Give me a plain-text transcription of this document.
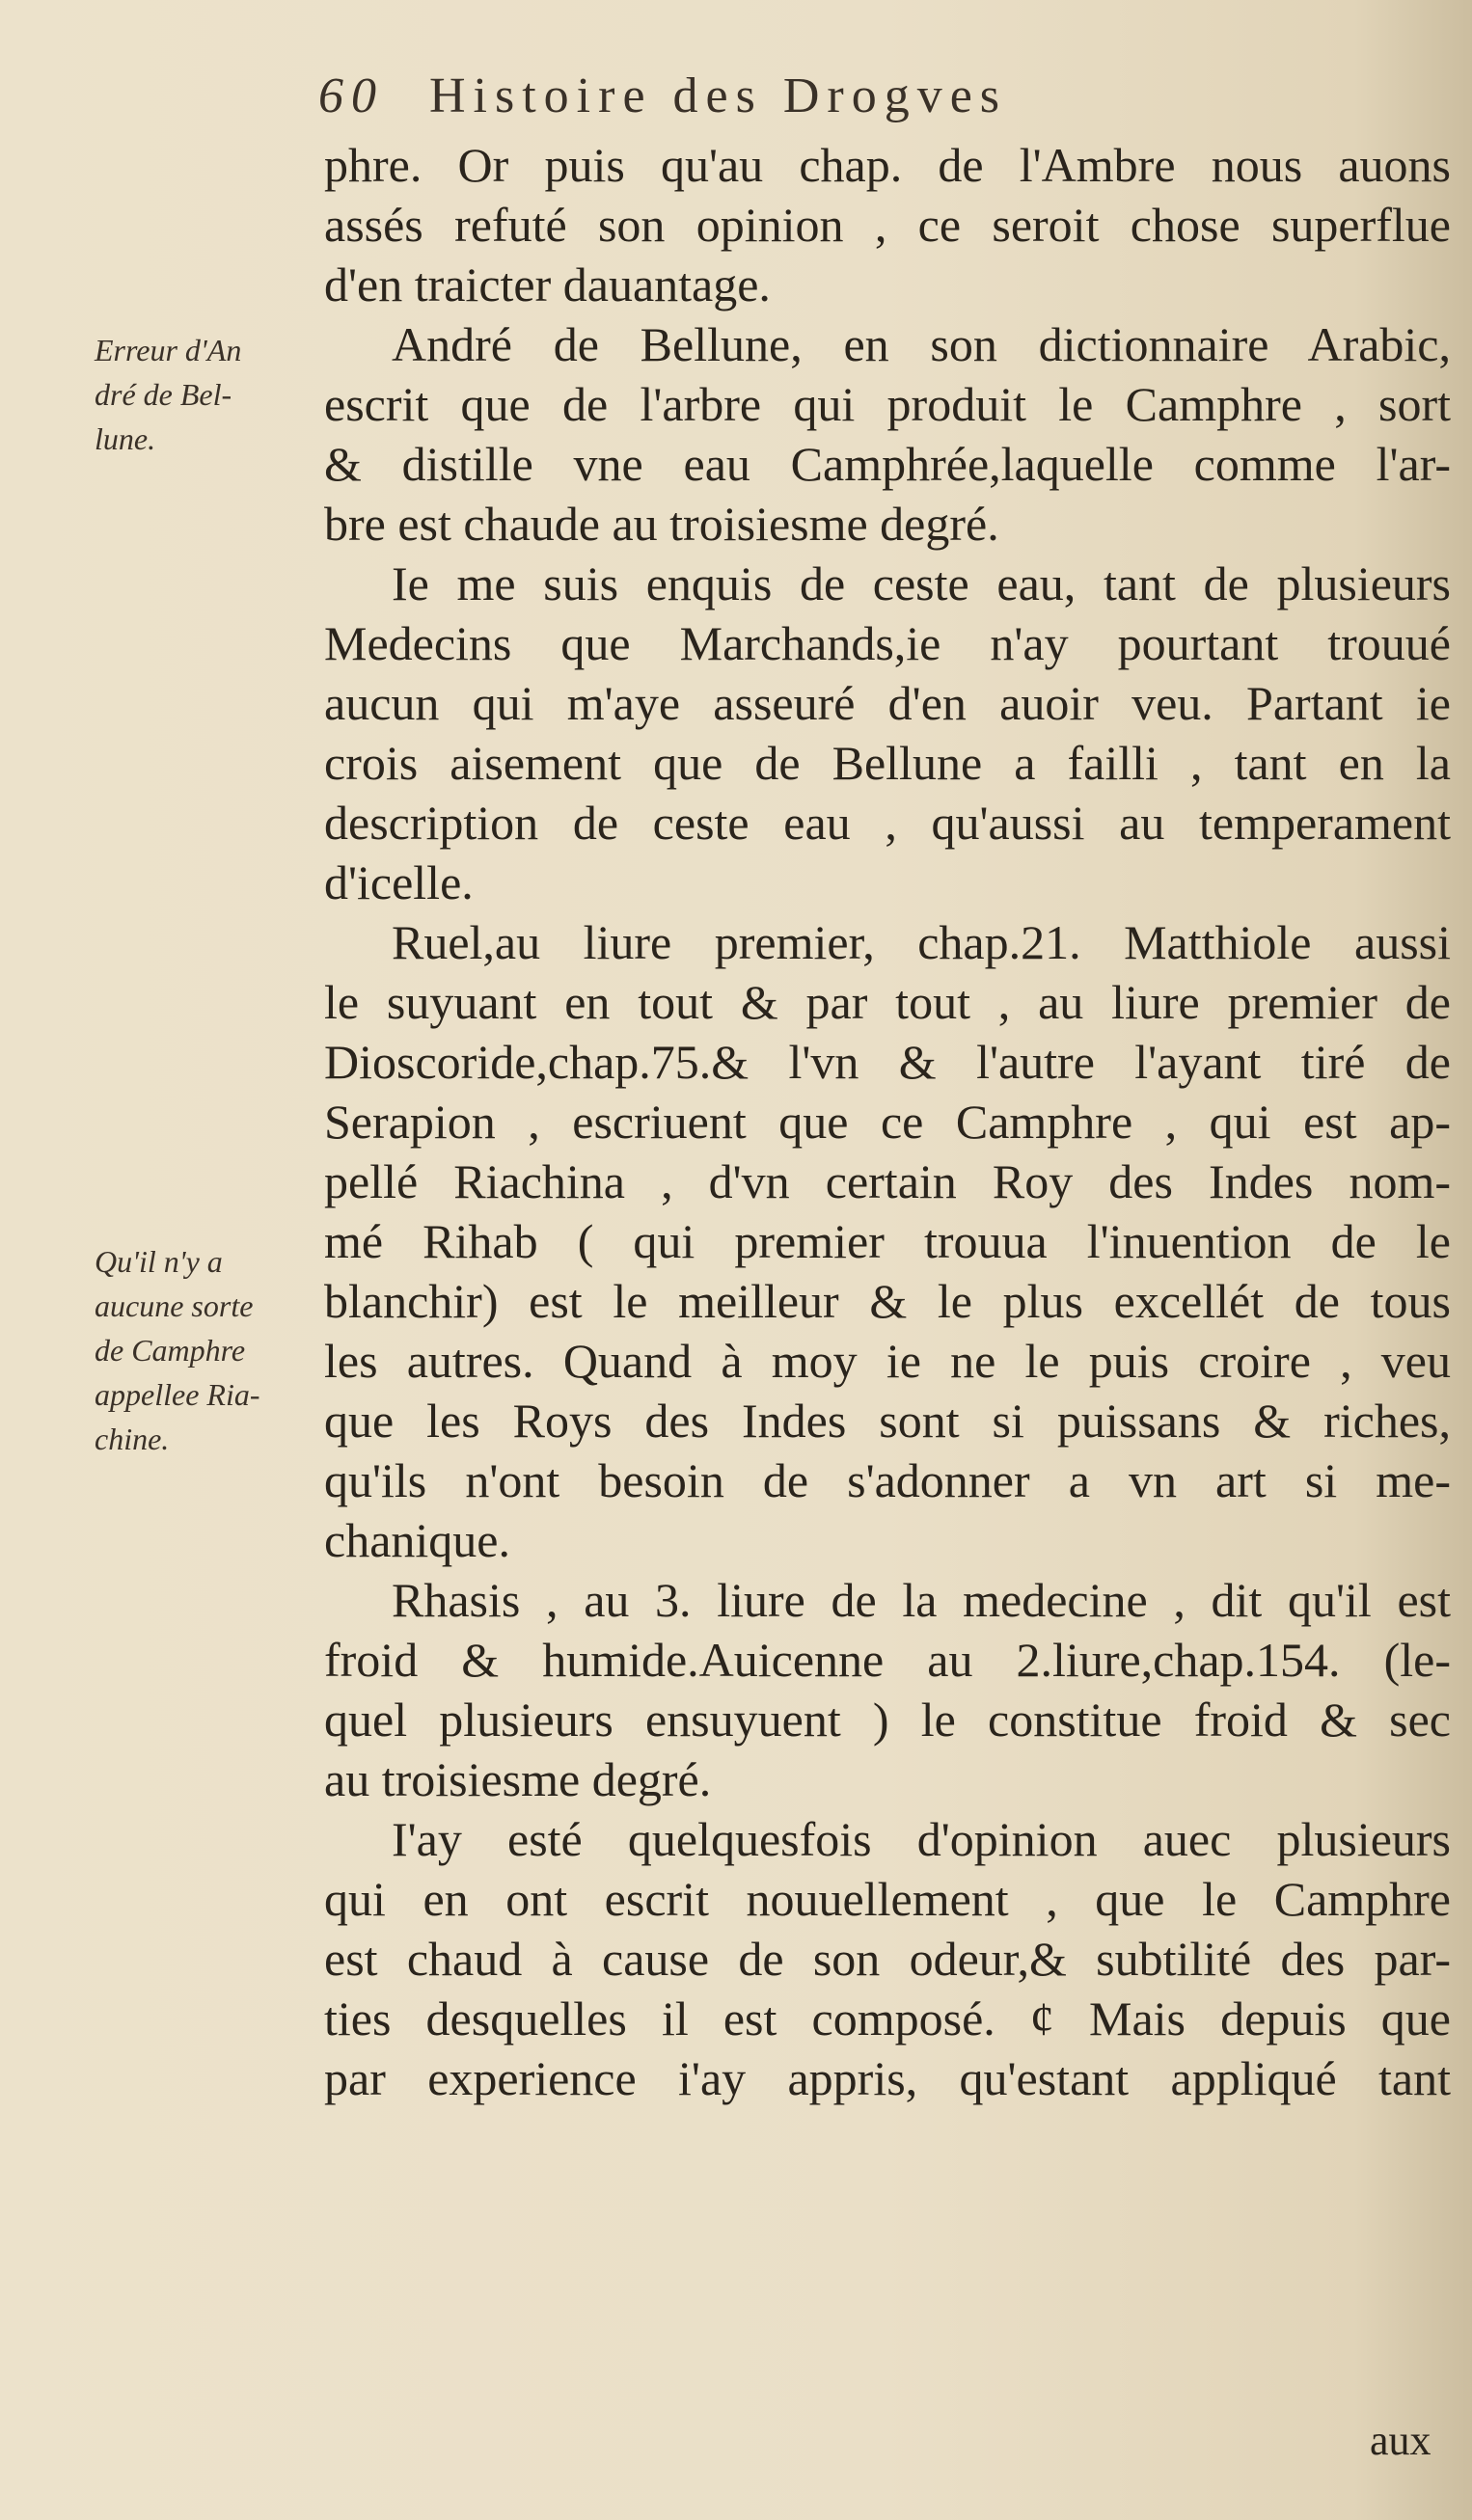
60 Histoire des Drogves
phre. Or puis qu'au chap. de l'Ambre nous auons
assés refuté son opinion , ce seroit chose superflue
d'en traicter dauantage.
André de Bellune, en son dictionnaire Arabic,
escrit que de l'arbre qui produit le Camphre , sort
& distille vne eau Camphrée,laquelle comme l'ar-
bre est chaude au troisiesme degré.
Ie me suis enquis de ceste eau, tant de plusieurs
Medecins que Marchands,ie n'ay pourtant trouué
aucun qui m'aye asseuré d'en auoir veu. Partant ie
crois aisement que de Bellune a failli , tant en la
description de ceste eau , qu'aussi au temperament
d'icelle.
Ruel,au liure premier, chap.21. Matthiole aussi
le suyuant en tout & par tout , au liure premier de
Dioscoride,chap.75.& l'vn & l'autre l'ayant tiré de
Serapion , escriuent que ce Camphre , qui est ap-
pellé Riachina , d'vn certain Roy des Indes nom-
mé Rihab ( qui premier trouua l'inuention de le
blanchir) est le meilleur & le plus excellét de tous
les autres. Quand à moy ie ne le puis croire , veu
que les Roys des Indes sont si puissans & riches,
qu'ils n'ont besoin de s'adonner a vn art si me-
chanique.
Rhasis , au 3. liure de la medecine , dit qu'il est
froid & humide.Auicenne au 2.liure,chap.154. (le-
quel plusieurs ensuyuent ) le constitue froid & sec
au troisiesme degré.
I'ay esté quelquesfois d'opinion auec plusieurs
qui en ont escrit nouuellement , que le Camphre
est chaud à cause de son odeur,& subtilité des par-
ties desquelles il est composé. ¢ Mais depuis que
par experience i'ay appris, qu'estant appliqué tant
Erreur d'An
dré de Bel-
lune.
Qu'il n'y a
aucune sorte
de Camphre
appellee Ria-
chine.
aux
